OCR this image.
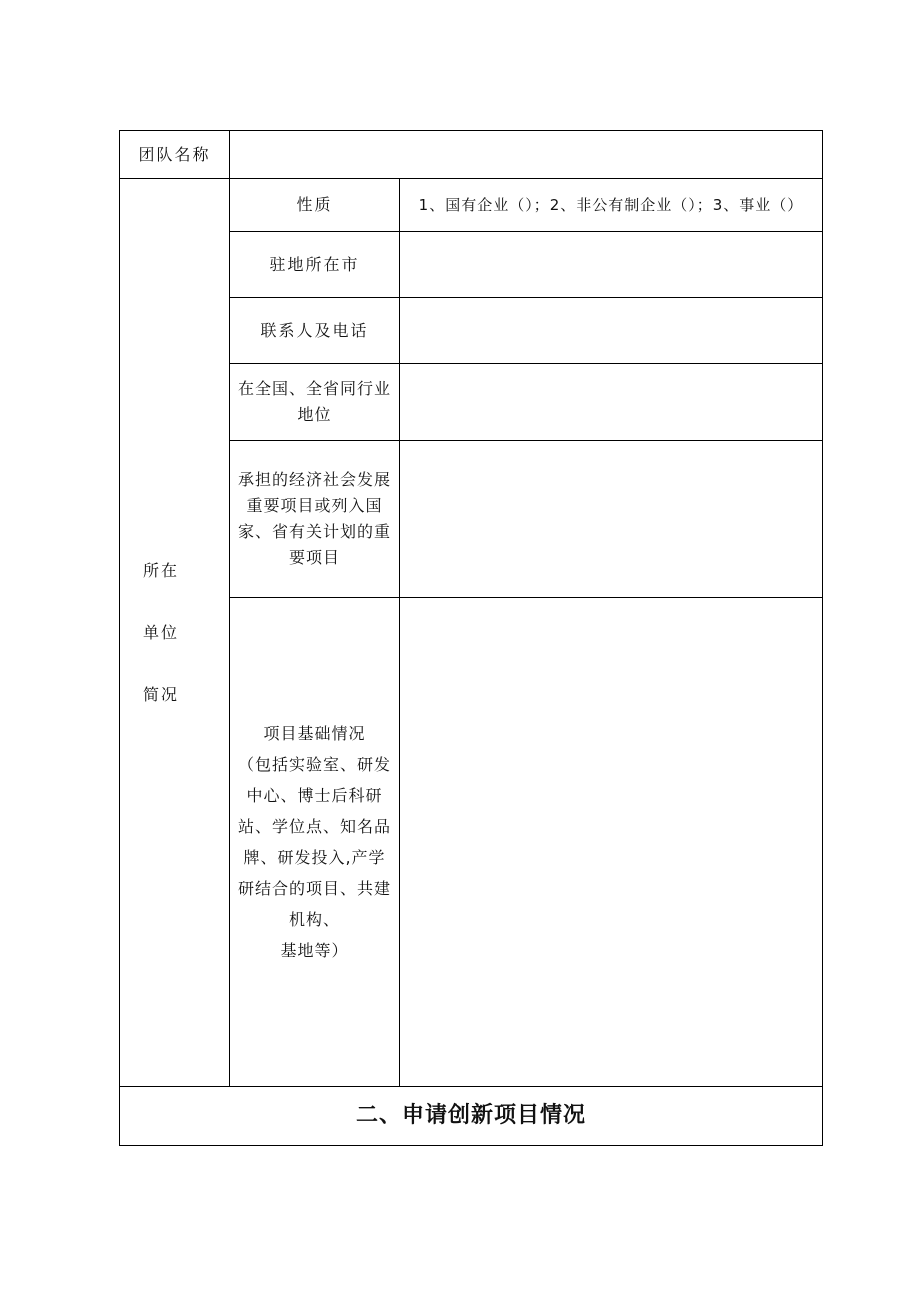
团队名称
所在
单位
简况
性质	1、国有企业（）；2、非公有制企业（）；3、事业（）
驻地所在市
联系人及电话
在全国、全省同行业
地位
承担的经济社会发展
重要项目或列入国
家、省有关计划的重
要项目
项目基础情况
（包括实验室、研发
中心、博士后科研
站、学位点、知名品
牌、研发投入,产学
研结合的项目、共建
机构、
基地等）
二、申请创新项目情况
